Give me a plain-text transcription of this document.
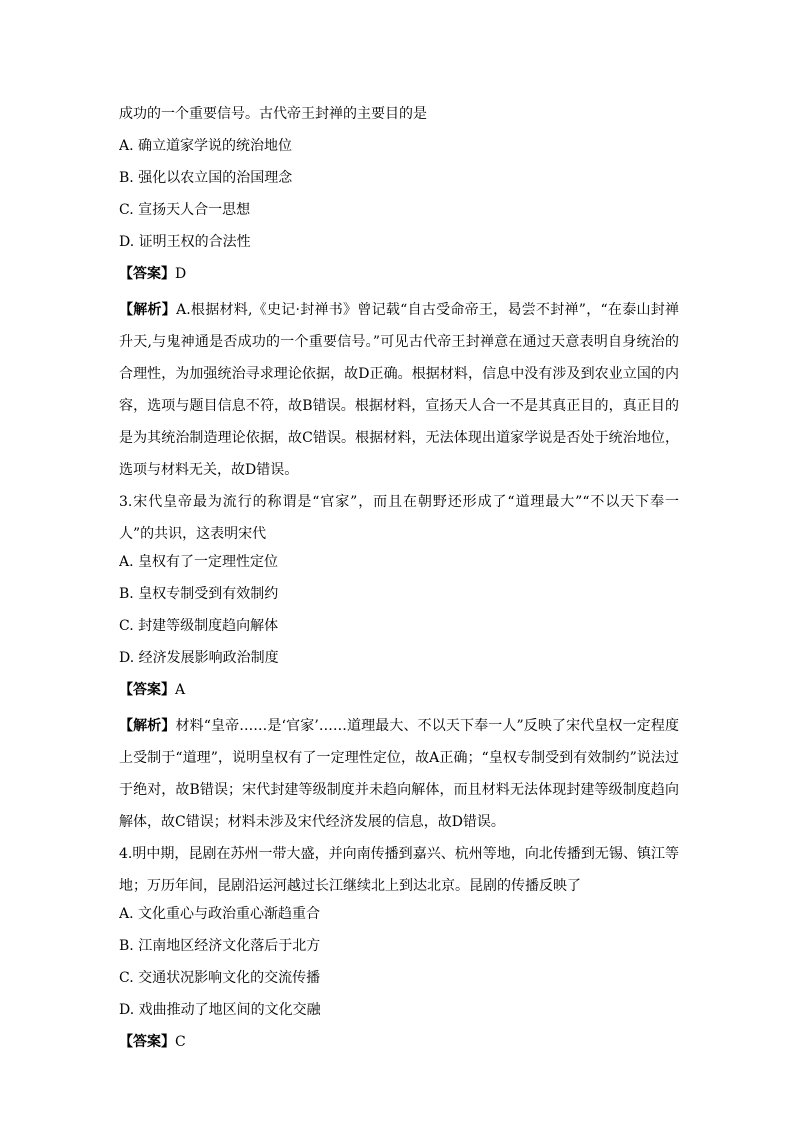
成功的一个重要信号。古代帝王封禅的主要目的是
A. 确立道家学说的统治地位
B. 强化以农立国的治国理念
C. 宣扬天人合一思想
D. 证明王权的合法性
【答案】D
【解析】A.根据材料,《史记·封禅书》曾记载“自古受命帝王，曷尝不封禅”，“在泰山封禅升天,与鬼神通是否成功的一个重要信号。”可见古代帝王封禅意在通过天意表明自身统治的合理性，为加强统治寻求理论依据，故D正确。根据材料，信息中没有涉及到农业立国的内容，选项与题目信息不符，故B错误。根据材料，宣扬天人合一不是其真正目的，真正目的是为其统治制造理论依据，故C错误。根据材料，无法体现出道家学说是否处于统治地位，选项与材料无关，故D错误。
3.宋代皇帝最为流行的称谓是“官家”，而且在朝野还形成了“道理最大”“不以天下奉一人”的共识，这表明宋代
A. 皇权有了一定理性定位
B. 皇权专制受到有效制约
C. 封建等级制度趋向解体
D. 经济发展影响政治制度
【答案】A
【解析】材料“皇帝……是‘官家’……道理最大、不以天下奉一人”反映了宋代皇权一定程度上受制于“道理”，说明皇权有了一定理性定位，故A正确；“皇权专制受到有效制约”说法过于绝对，故B错误；宋代封建等级制度并未趋向解体，而且材料无法体现封建等级制度趋向解体，故C错误；材料未涉及宋代经济发展的信息，故D错误。
4.明中期，昆剧在苏州一带大盛，并向南传播到嘉兴、杭州等地，向北传播到无锡、镇江等地；万历年间，昆剧沿运河越过长江继续北上到达北京。昆剧的传播反映了
A. 文化重心与政治重心渐趋重合
B. 江南地区经济文化落后于北方
C. 交通状况影响文化的交流传播
D. 戏曲推动了地区间的文化交融
【答案】C
